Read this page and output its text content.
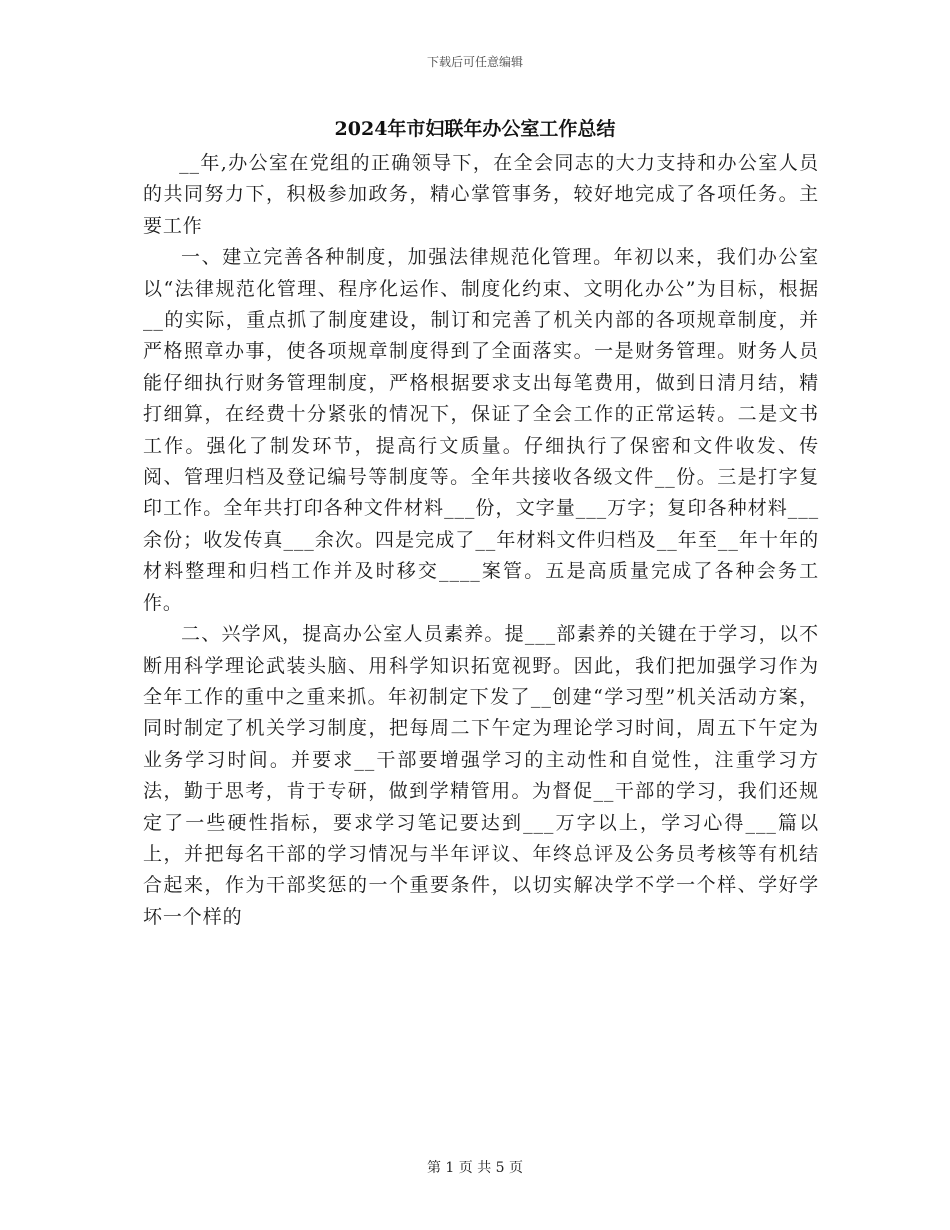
下载后可任意编辑
2024年市妇联年办公室工作总结

__年,办公室在党组的正确领导下，在全会同志的大力支持和办公室人员的共同努力下，积极参加政务，精心掌管事务，较好地完成了各项任务。主要工作

一、建立完善各种制度，加强法律规范化管理。年初以来，我们办公室以“法律规范化管理、程序化运作、制度化约束、文明化办公”为目标，根据__的实际，重点抓了制度建设，制订和完善了机关内部的各项规章制度，并严格照章办事，使各项规章制度得到了全面落实。一是财务管理。财务人员能仔细执行财务管理制度，严格根据要求支出每笔费用，做到日清月结，精打细算，在经费十分紧张的情况下，保证了全会工作的正常运转。二是文书工作。强化了制发环节，提高行文质量。仔细执行了保密和文件收发、传阅、管理归档及登记编号等制度等。全年共接收各级文件__份。三是打字复印工作。全年共打印各种文件材料___份，文字量___万字；复印各种材料___余份；收发传真___余次。四是完成了__年材料文件归档及__年至__年十年的材料整理和归档工作并及时移交____案管。五是高质量完成了各种会务工作。

二、兴学风，提高办公室人员素养。提___部素养的关键在于学习，以不断用科学理论武装头脑、用科学知识拓宽视野。因此，我们把加强学习作为全年工作的重中之重来抓。年初制定下发了__创建“学习型”机关活动方案，同时制定了机关学习制度，把每周二下午定为理论学习时间，周五下午定为业务学习时间。并要求__干部要增强学习的主动性和自觉性，注重学习方法，勤于思考，肯于专研，做到学精管用。为督促__干部的学习，我们还规定了一些硬性指标，要求学习笔记要达到___万字以上，学习心得___篇以上，并把每名干部的学习情况与半年评议、年终总评及公务员考核等有机结合起来，作为干部奖惩的一个重要条件，以切实解决学不学一个样、学好学坏一个样的

第 1 页 共 5 页
